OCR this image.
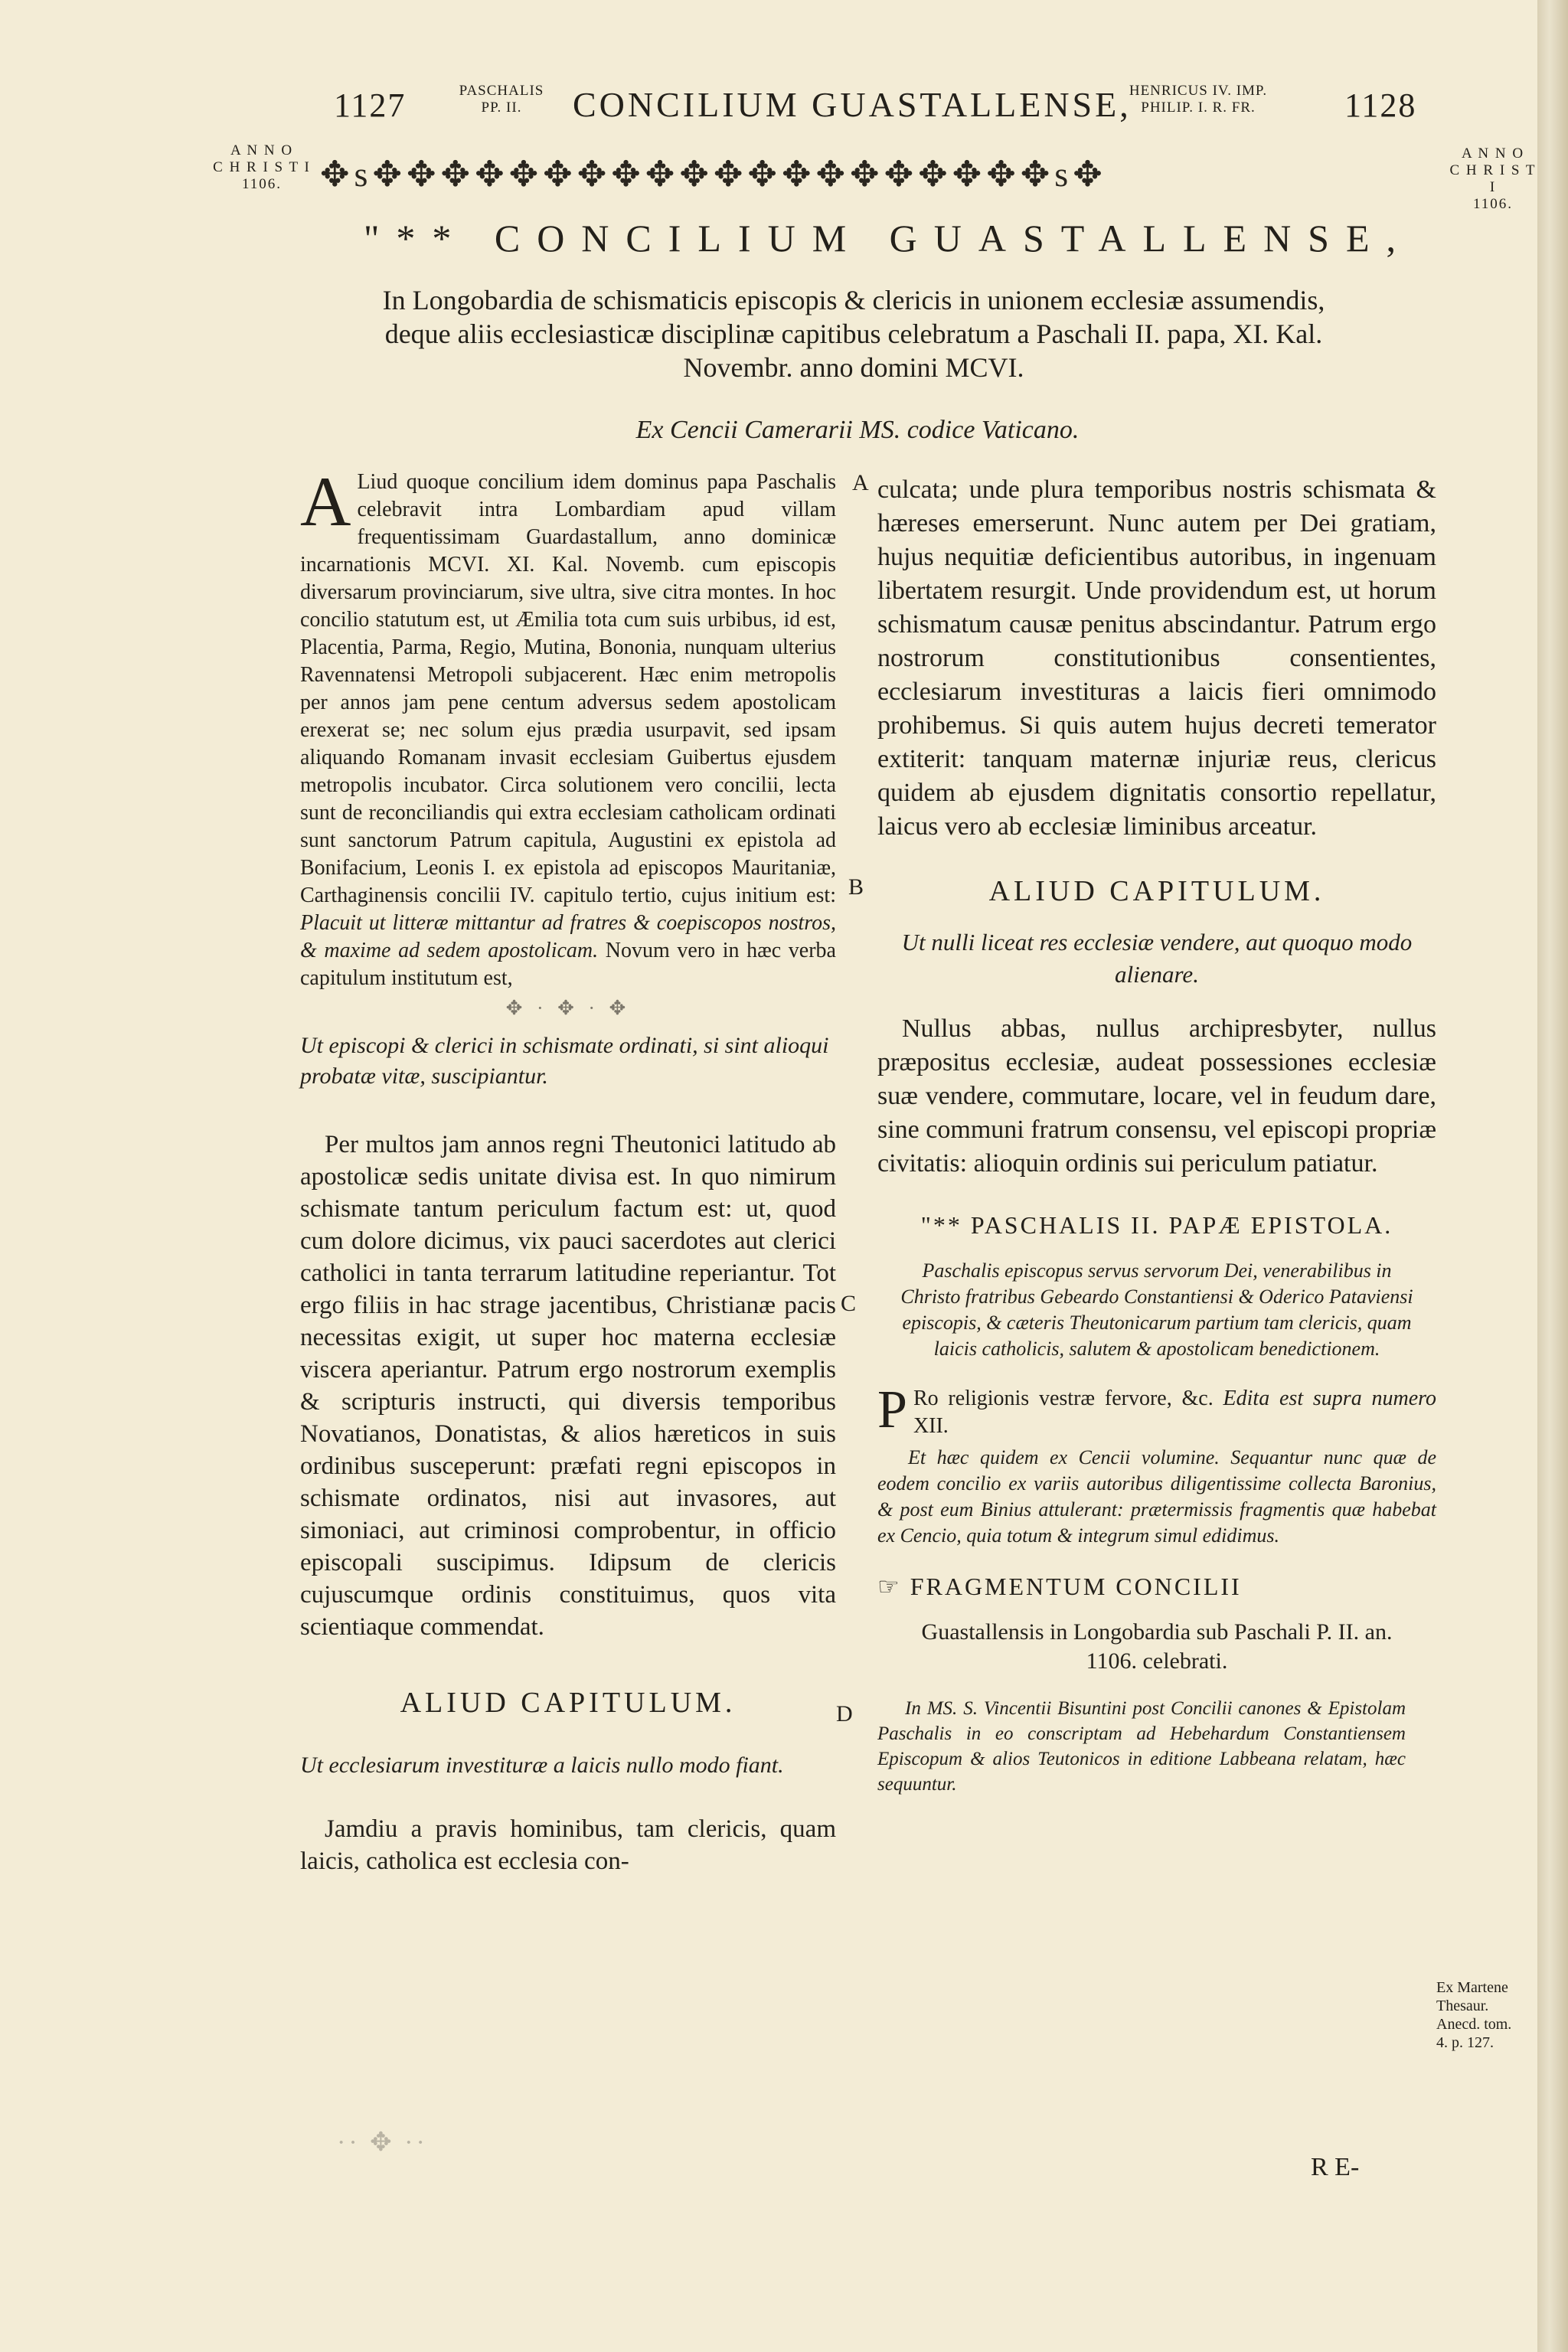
1127	PASCHALIS
PP. II.	CONCILIUM GUASTALLENSE,
HENRICUS IV. IMP.
PHILIP. I. R. FR.	1128
A N N O
C H R I S T I
1106.
A N N O
C H R I S T I
1106.
✥s✥✥✥✥✥✥✥✥✥✥✥✥✥✥✥✥✥✥✥✥s✥
"** CONCILIUM GUASTALLENSE,
In Longobardia de schismaticis episcopis & clericis in unionem ecclesiæ assumendis, deque aliis ecclesiasticæ disciplinæ capitibus celebratum a Paschali II. papa, XI. Kal. Novembr. anno domini MCVI.
Ex Cencii Camerarii MS. codice Vaticano.

A Liud quoque concilium idem dominus papa Paschalis celebravit intra Lombardiam apud villam frequentissimam Guardastallum, anno dominicæ incarnationis MCVI. XI. Kal. Novemb. cum episcopis diversarum provinciarum, sive ultra, sive citra montes. In hoc concilio statutum est, ut Æmilia tota cum suis urbibus, id est, Placentia, Parma, Regio, Mutina, Bononia, nunquam ulterius Ravennatensi Metropoli subjacerent. Hæc enim metropolis per annos jam pene centum adversus sedem apostolicam erexerat se; nec solum ejus prædia usurpavit, sed ipsam aliquando Romanam invasit ecclesiam Guibertus ejusdem metropolis incubator. Circa solutionem vero concilii, lecta sunt de reconciliandis qui extra ecclesiam catholicam ordinati sunt sanctorum Patrum capitula, Augustini ex epistola ad Bonifacium, Leonis I. ex epistola ad episcopos Mauritaniæ, Carthaginensis concilii IV. capitulo tertio, cujus initium est: Placuit ut litteræ mittantur ad fratres & coepiscopos nostros, & maxime ad sedem apostolicam. Novum vero in hæc verba capitulum institutum est,

✥ · ✥ · ✥

Ut episcopi & clerici in schismate ordinati, si sint alioqui probatæ vitæ, suscipiantur.

Per multos jam annos regni Theutonici latitudo ab apostolicæ sedis unitate divisa est. In quo nimirum schismate tantum periculum factum est: ut, quod cum dolore dicimus, vix pauci sacerdotes aut clerici catholici in tanta terrarum latitudine reperiantur. Tot ergo filiis in hac strage jacentibus, Christianæ pacis necessitas exigit, ut super hoc materna ecclesiæ viscera aperiantur. Patrum ergo nostrorum exemplis & scripturis instructi, qui diversis temporibus Novatianos, Donatistas, & alios hæreticos in suis ordinibus susceperunt: præfati regni episcopos in schismate ordinatos, nisi aut invasores, aut simoniaci, aut criminosi comprobentur, in officio episcopali suscipimus. Idipsum de clericis cujuscumque ordinis constituimus, quos vita scientiaque commendat.

ALIUD CAPITULUM.

Ut ecclesiarum investituræ a laicis nullo modo fiant.

Jamdiu a pravis hominibus, tam clericis, quam laicis, catholica est ecclesia con-

A
B
C
D

culcata; unde plura temporibus nostris schismata & hæreses emerserunt. Nunc autem per Dei gratiam, hujus nequitiæ deficientibus autoribus, in ingenuam libertatem resurgit. Unde providendum est, ut horum schismatum causæ penitus abscindantur. Patrum ergo nostrorum constitutionibus consentientes, ecclesiarum investituras a laicis fieri omnimodo prohibemus. Si quis autem hujus decreti temerator extiterit: tanquam maternæ injuriæ reus, clericus quidem ab ejusdem dignitatis consortio repellatur, laicus vero ab ecclesiæ liminibus arceatur.

ALIUD CAPITULUM.

Ut nulli liceat res ecclesiæ vendere, aut quoquo modo alienare.

Nullus abbas, nullus archipresbyter, nullus præpositus ecclesiæ, audeat possessiones ecclesiæ suæ vendere, commutare, locare, vel in feudum dare, sine communi fratrum consensu, vel episcopi propriæ civitatis: alioquin ordinis sui periculum patiatur.

"** PASCHALIS II. PAPÆ EPISTOLA.

Paschalis episcopus servus servorum Dei, venerabilibus in Christo fratribus Gebeardo Constantiensi & Oderico Pataviensi episcopis, & cæteris Theutonicarum partium tam clericis, quam laicis catholicis, salutem & apostolicam benedictionem.

P Ro religionis vestræ fervore, &c. Edita est supra numero XII.

Et hæc quidem ex Cencii volumine. Sequantur nunc quæ de eodem concilio ex variis autoribus diligentissime collecta Baronius, & post eum Binius attulerant: prætermissis fragmentis quæ habebat ex Cencio, quia totum & integrum simul edidimus.

☞ FRAGMENTUM CONCILII

Guastallensis in Longobardia sub Paschali P. II. an. 1106. celebrati.

In MS. S. Vincentii Bisuntini post Concilii canones & Epistolam Paschalis in eo conscriptam ad Hebehardum Constantiensem Episcopum & alios Teutonicos in editione Labbeana relatam, hæc sequuntur.

Ex Martene
Thesaur.
Anecd. tom.
4. p. 127.
R E-
·· ✥ ··
